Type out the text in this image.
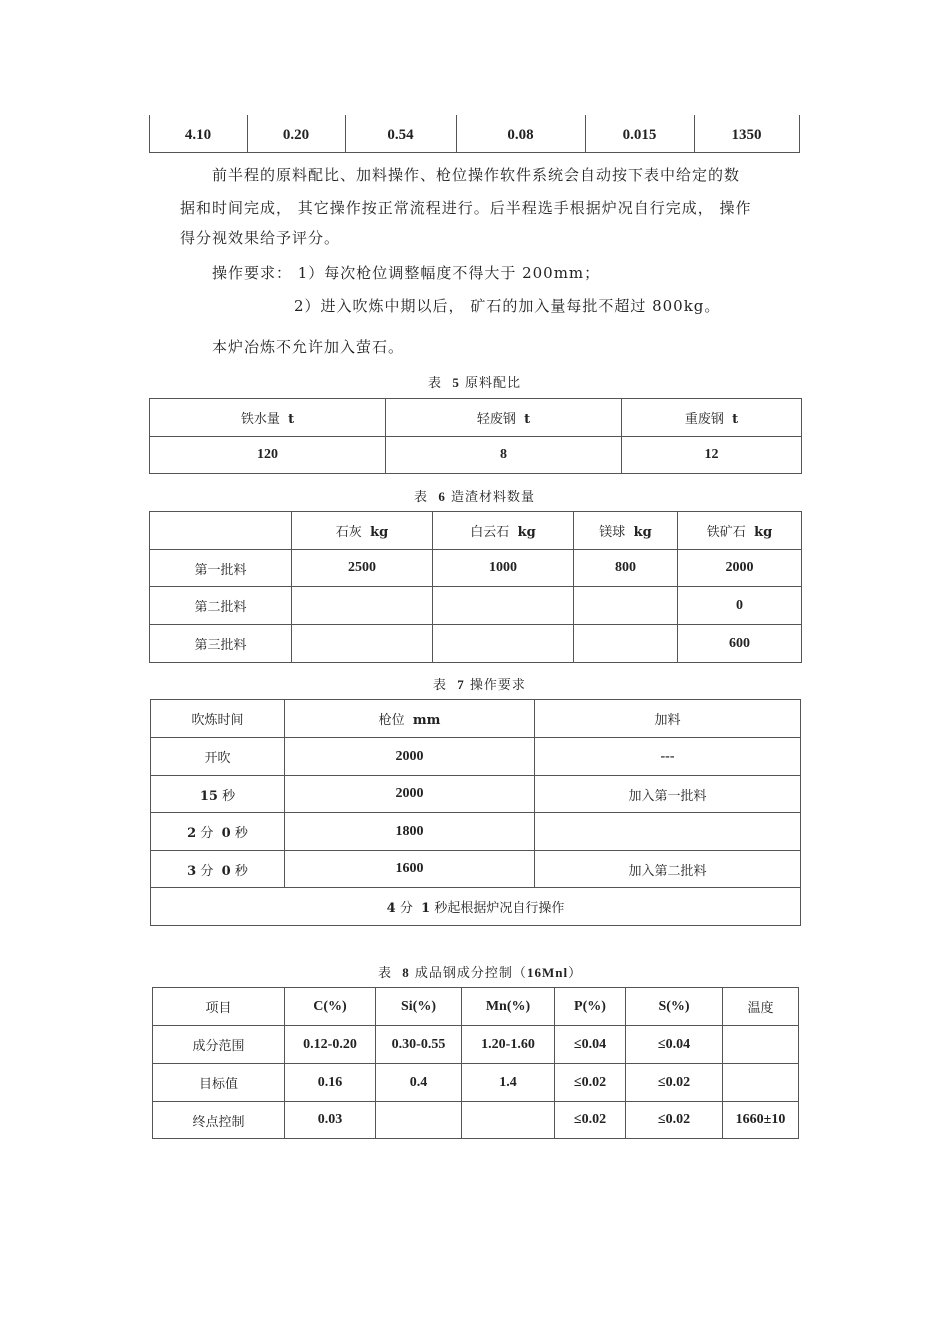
4.10	0.20	0.54	0.08	0.015	1350
前半程的原料配比、加料操作、枪位操作软件系统会自动按下表中给定的数
据和时间完成， 其它操作按正常流程进行。后半程选手根据炉况自行完成， 操作
得分视效果给予评分。
操作要求： 1）每次枪位调整幅度不得大于 200mm；
2）进入吹炼中期以后， 矿石的加入量每批不超过 800kg。
本炉冶炼不允许加入萤石。
表 5 原料配比
铁水量 t	轻废钢 t	重废钢 t
120	8	12
表 6 造渣材料数量
	石灰 kg	白云石 kg	镁球 kg	铁矿石 kg
第一批料	2500	1000	800	2000
第二批料				0
第三批料				600
表 7 操作要求
吹炼时间	枪位 mm	加料
开吹	2000	---
15 秒	2000	加入第一批料
2 分 0 秒	1800	
3 分 0 秒	1600	加入第二批料
4 分 1 秒起根据炉况自行操作		
表 8 成品钢成分控制（16Mnl）
项目	C(%)	Si(%)	Mn(%)	P(%)	S(%)	温度
成分范围	0.12-0.20	0.30-0.55	1.20-1.60	≤0.04	≤0.04	
目标值	0.16	0.4	1.4	≤0.02	≤0.02	
终点控制	0.03			≤0.02	≤0.02	1660±10
